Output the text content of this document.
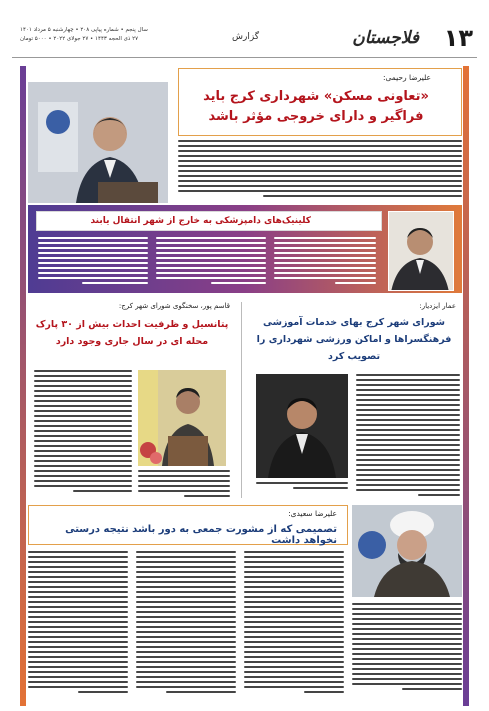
۱۳
فلاجستان
گزارش
سال پنجم • شماره پیاپی ۲۰۸ • چهارشنبه ۵ مرداد ۱۴۰۱
۲۷ ذی الحجه ۱۴۴۳ • ۲۷ جولای ۲۰۲۲ • ۵۰۰۰ تومان
علیرضا رحیمی:
«تعاونی مسکن» شهرداری کرج باید فراگیر و دارای خروجی مؤثر باشد
کلینیک‌های دامپزشکی به خارج از شهر انتقال یابند
قاسم پور، سخنگوی شورای شهر کرج:
پتانسیل و ظرفیت احداث بیش از ۳۰ پارک محله ای در سال جاری وجود دارد
عمار ایزدیار:
شورای شهر کرج بهای خدمات آموزشی فرهنگسراها و اماکن ورزشی شهرداری را تصویب کرد
علیرضا سعیدی:
تصمیمی که از مشورت جمعی به دور باشد نتیجه درستی نخواهد داشت
